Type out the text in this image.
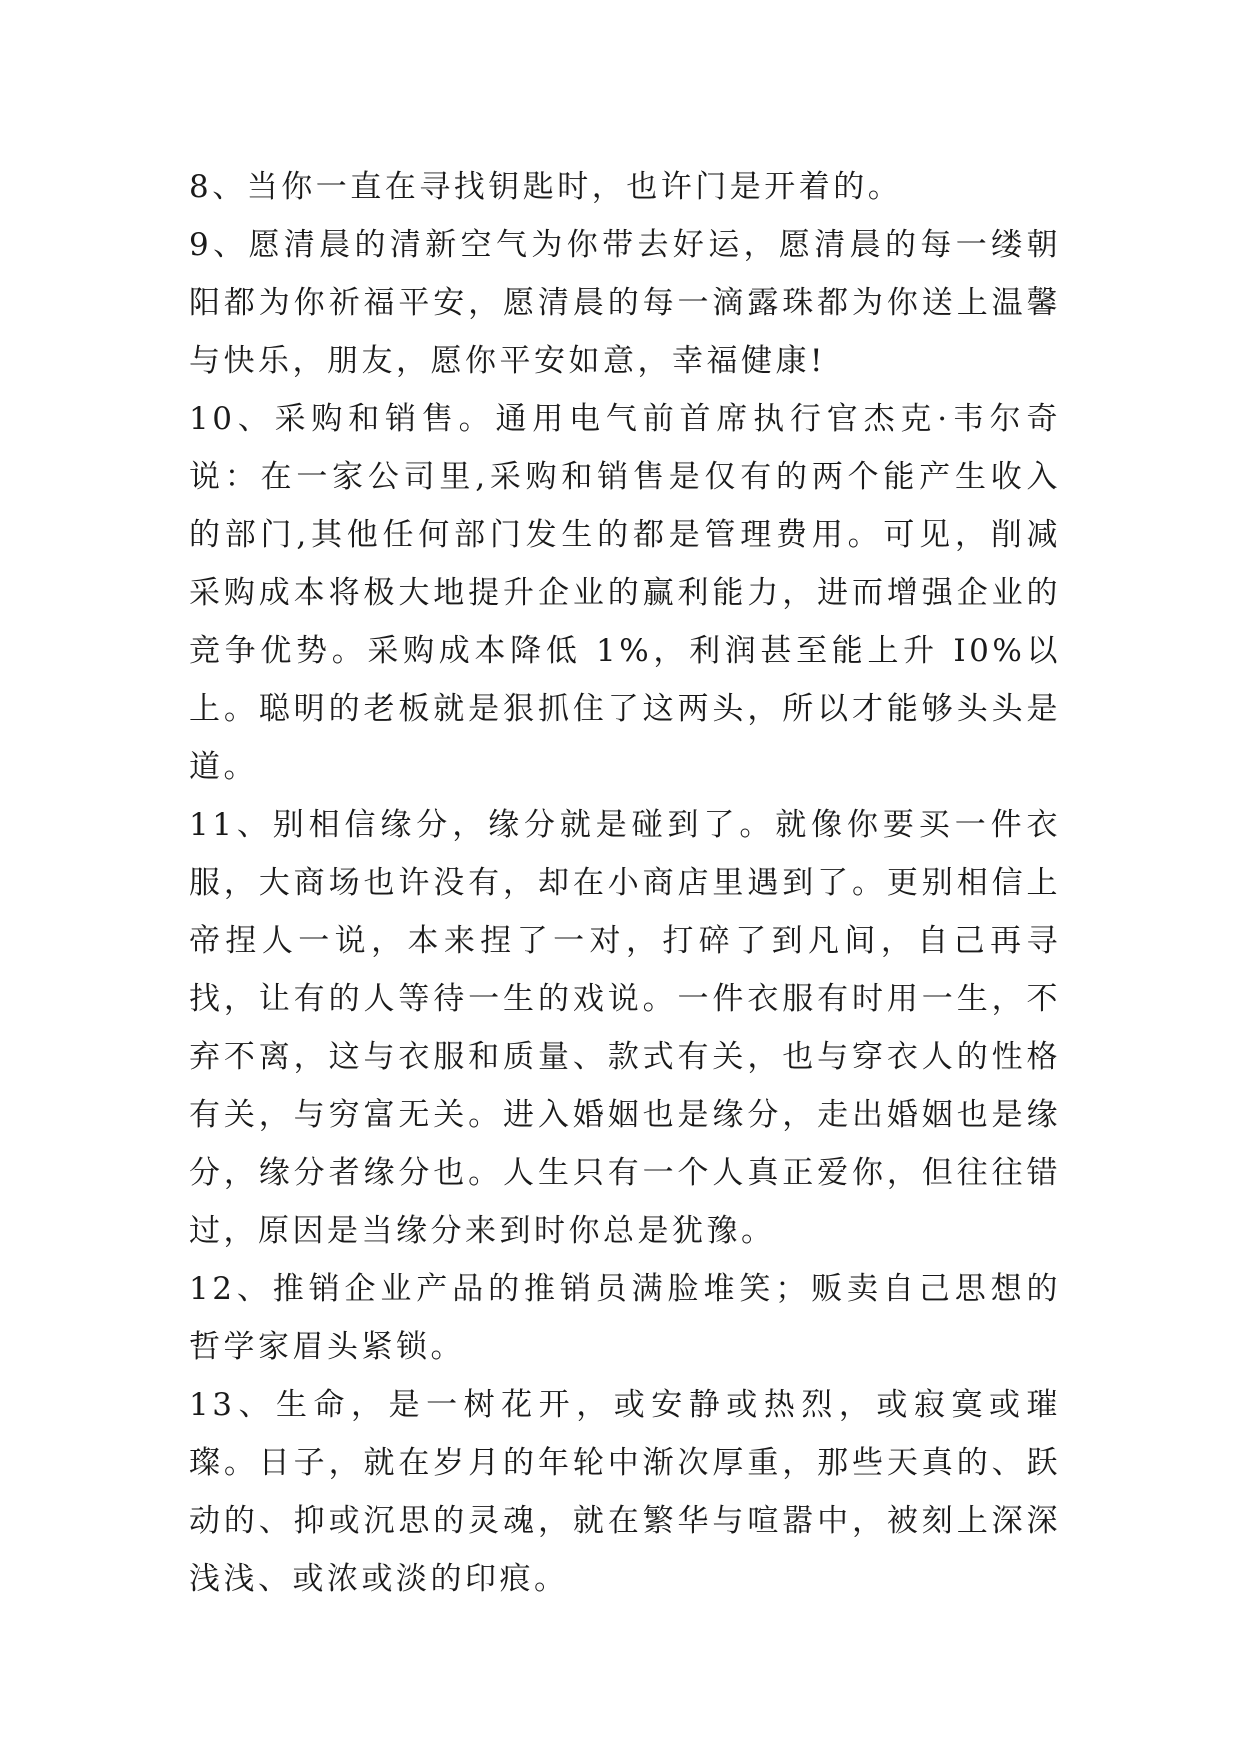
8、当你一直在寻找钥匙时，也许门是开着的。

9、愿清晨的清新空气为你带去好运，愿清晨的每一缕朝阳都为你祈福平安，愿清晨的每一滴露珠都为你送上温馨与快乐，朋友，愿你平安如意，幸福健康!

10、采购和销售。通用电气前首席执行官杰克·韦尔奇说：在一家公司里,采购和销售是仅有的两个能产生收入的部门,其他任何部门发生的都是管理费用。可见，削减采购成本将极大地提升企业的赢利能力，进而增强企业的竞争优势。采购成本降低 1%，利润甚至能上升 I0%以上。聪明的老板就是狠抓住了这两头，所以才能够头头是道。

11、别相信缘分，缘分就是碰到了。就像你要买一件衣服，大商场也许没有，却在小商店里遇到了。更别相信上帝捏人一说，本来捏了一对，打碎了到凡间，自己再寻找，让有的人等待一生的戏说。一件衣服有时用一生，不弃不离，这与衣服和质量、款式有关，也与穿衣人的性格有关，与穷富无关。进入婚姻也是缘分，走出婚姻也是缘分，缘分者缘分也。人生只有一个人真正爱你，但往往错过，原因是当缘分来到时你总是犹豫。

12、推销企业产品的推销员满脸堆笑；贩卖自己思想的哲学家眉头紧锁。

13、生命，是一树花开，或安静或热烈，或寂寞或璀璨。日子，就在岁月的年轮中渐次厚重，那些天真的、跃动的、抑或沉思的灵魂，就在繁华与喧嚣中，被刻上深深浅浅、或浓或淡的印痕。
